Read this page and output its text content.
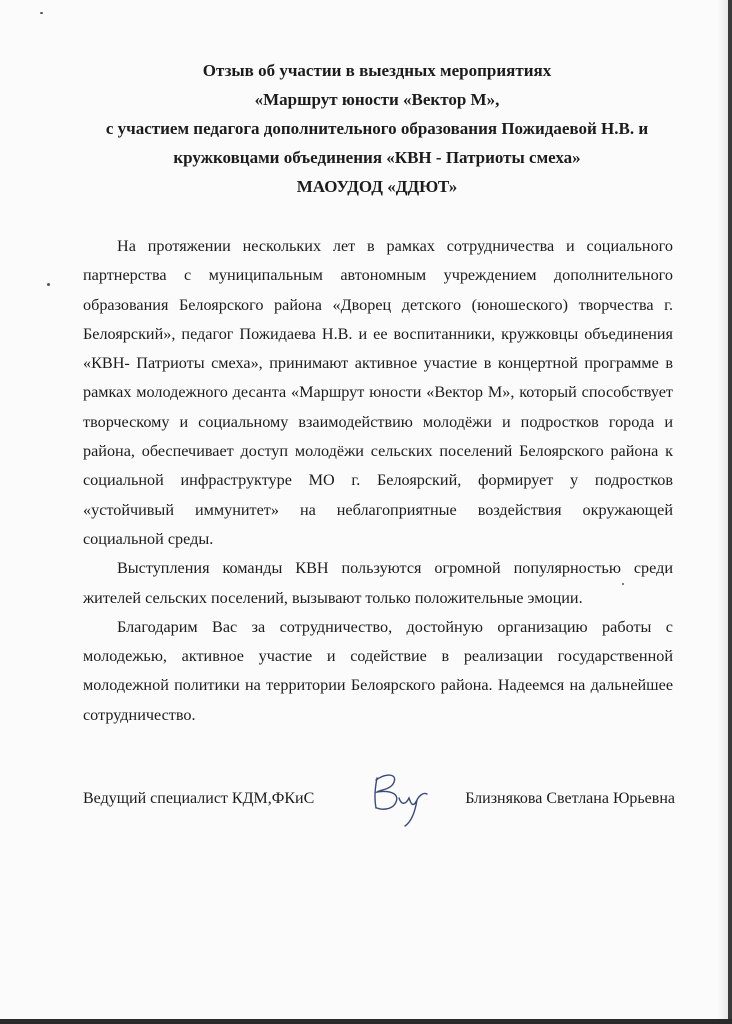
Отзыв об участии в выездных мероприятиях
«Маршрут юности «Вектор М»,
с участием педагога дополнительного образования Пожидаевой Н.В. и
кружковцами объединения «КВН - Патриоты смеха»
МАОУДОД «ДДЮТ»

На протяжении нескольких лет в рамках сотрудничества и социального партнерства с муниципальным автономным учреждением дополнительного образования Белоярского района «Дворец детского (юношеского) творчества г. Белоярский», педагог Пожидаева Н.В. и ее воспитанники, кружковцы объединения «КВН- Патриоты смеха», принимают активное участие в концертной программе в рамках молодежного десанта «Маршрут юности «Вектор М», который способствует творческому и социальному взаимодействию молодёжи и подростков города и района, обеспечивает доступ молодёжи сельских поселений Белоярского района к социальной инфраструктуре МО г. Белоярский, формирует у подростков «устойчивый иммунитет» на неблагоприятные воздействия окружающей социальной среды.

Выступления команды КВН пользуются огромной популярностью среди жителей сельских поселений, вызывают только положительные эмоции.

Благодарим Вас за сотрудничество, достойную организацию работы с молодежью, активное участие и содействие в реализации государственной молодежной политики на территории Белоярского района. Надеемся на дальнейшее сотрудничество.

Ведущий специалист КДМ,ФКиС	Близнякова Светлана Юрьевна
